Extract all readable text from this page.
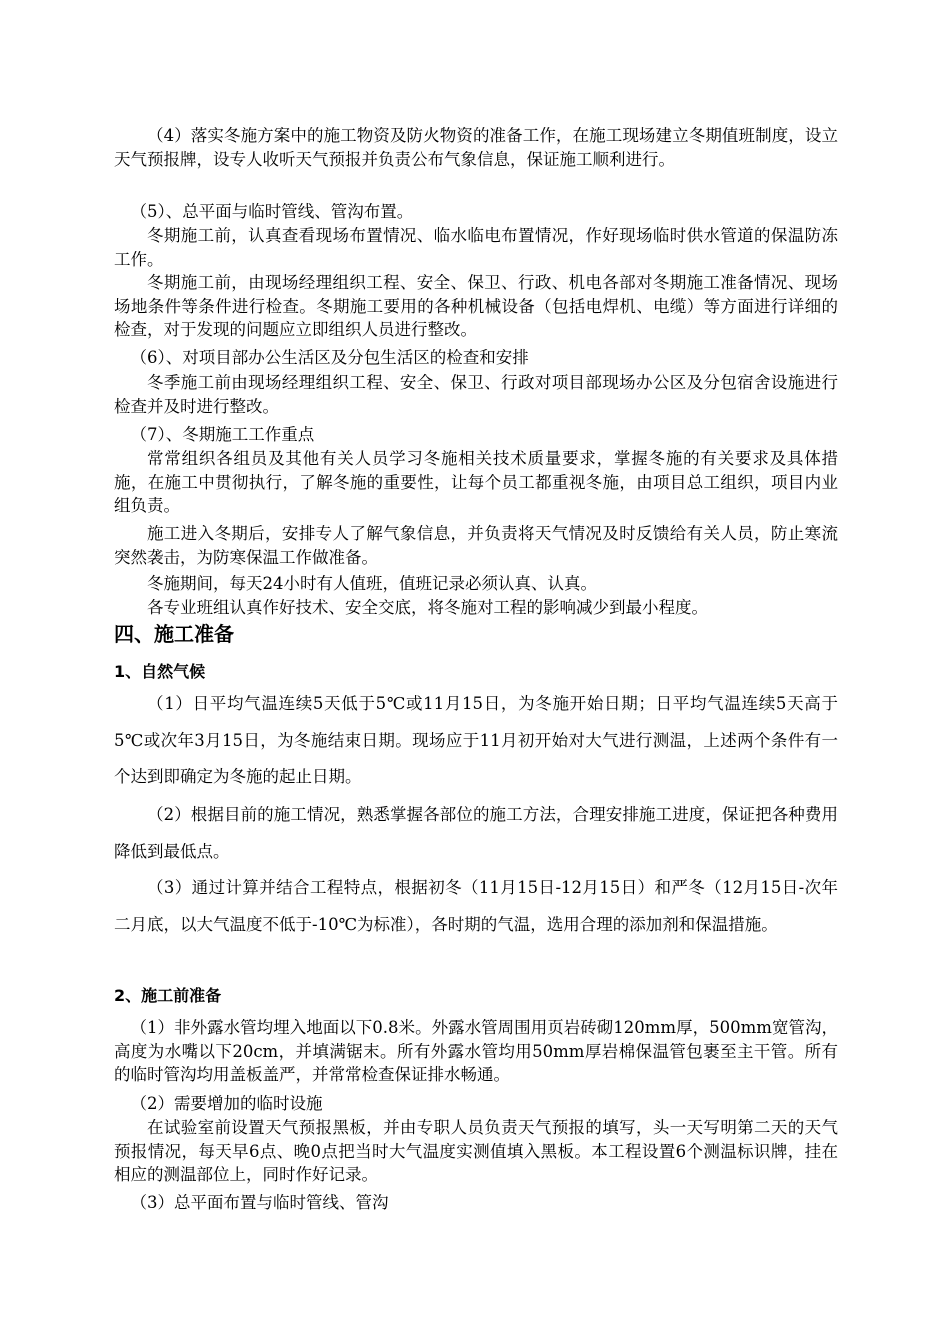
（4）落实冬施方案中的施工物资及防火物资的准备工作，在施工现场建立冬期值班制度，设立天气预报牌，设专人收听天气预报并负责公布气象信息，保证施工顺利进行。

（5）、总平面与临时管线、管沟布置。

冬期施工前，认真查看现场布置情况、临水临电布置情况，作好现场临时供水管道的保温防冻工作。

冬期施工前，由现场经理组织工程、安全、保卫、行政、机电各部对冬期施工准备情况、现场场地条件等条件进行检查。冬期施工要用的各种机械设备（包括电焊机、电缆）等方面进行详细的检查，对于发现的问题应立即组织人员进行整改。

（6）、对项目部办公生活区及分包生活区的检查和安排

冬季施工前由现场经理组织工程、安全、保卫、行政对项目部现场办公区及分包宿舍设施进行检查并及时进行整改。

（7）、冬期施工工作重点

常常组织各组员及其他有关人员学习冬施相关技术质量要求，掌握冬施的有关要求及具体措施，在施工中贯彻执行，了解冬施的重要性，让每个员工都重视冬施，由项目总工组织，项目内业组负责。

施工进入冬期后，安排专人了解气象信息，并负责将天气情况及时反馈给有关人员，防止寒流突然袭击，为防寒保温工作做准备。

冬施期间，每天24小时有人值班，值班记录必须认真、认真。

各专业班组认真作好技术、安全交底，将冬施对工程的影响减少到最小程度。

四、施工准备
1、自然气候

（1）日平均气温连续5天低于5℃或11月15日，为冬施开始日期；日平均气温连续5天高于5℃或次年3月15日，为冬施结束日期。现场应于11月初开始对大气进行测温，上述两个条件有一个达到即确定为冬施的起止日期。

（2）根据目前的施工情况，熟悉掌握各部位的施工方法，合理安排施工进度，保证把各种费用降低到最低点。

（3）通过计算并结合工程特点，根据初冬（11月15日-12月15日）和严冬（12月15日-次年二月底，以大气温度不低于-10℃为标准），各时期的气温，选用合理的添加剂和保温措施。

2、施工前准备

（1）非外露水管均埋入地面以下0.8米。外露水管周围用页岩砖砌120mm厚，500mm宽管沟，高度为水嘴以下20cm，并填满锯末。所有外露水管均用50mm厚岩棉保温管包裹至主干管。所有的临时管沟均用盖板盖严，并常常检查保证排水畅通。

（2）需要增加的临时设施

在试验室前设置天气预报黑板，并由专职人员负责天气预报的填写，头一天写明第二天的天气预报情况，每天早6点、晚0点把当时大气温度实测值填入黑板。本工程设置6个测温标识牌，挂在相应的测温部位上，同时作好记录。

（3）总平面布置与临时管线、管沟
